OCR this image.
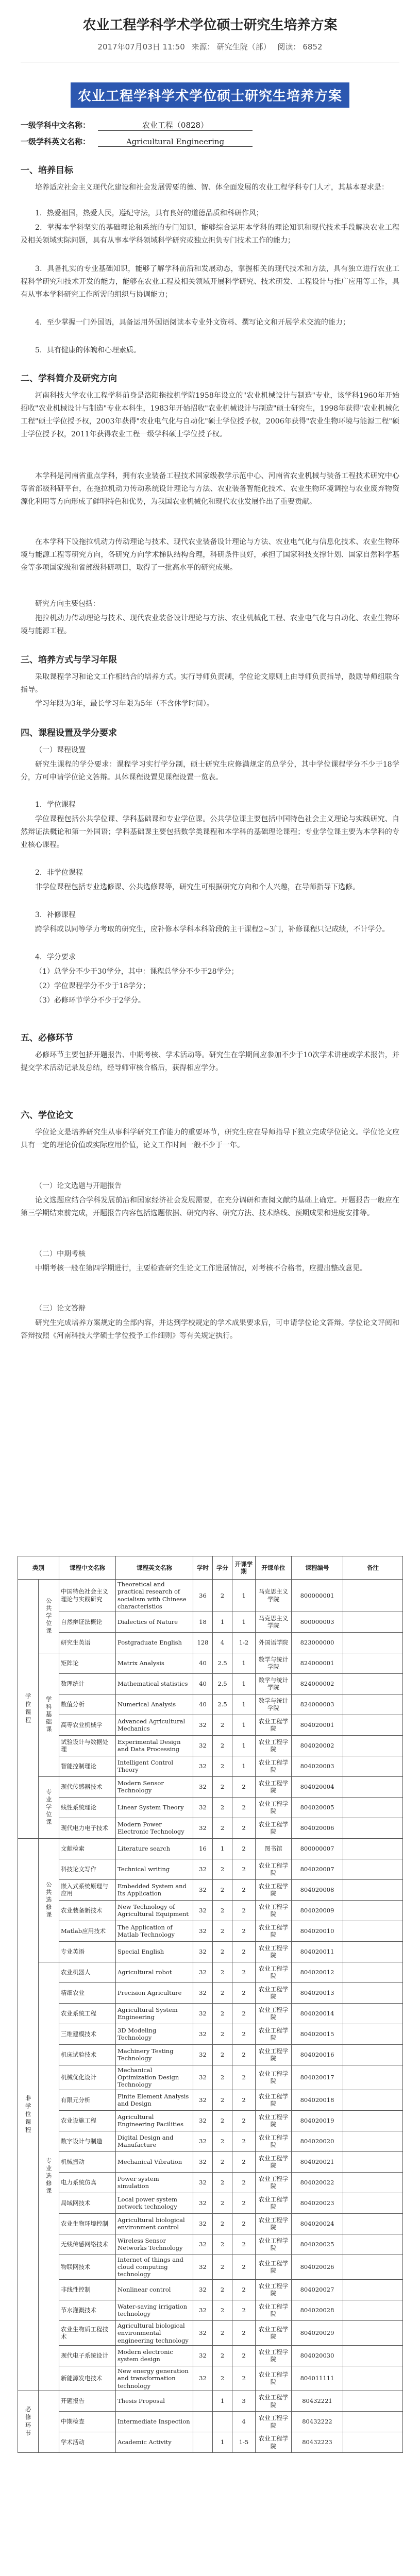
农业工程学科学术学位硕士研究生培养方案
2017年07月03日 11:50 来源： 研究生院（部） 阅读： 6852
农业工程学科学术学位硕士研究生培养方案
一级学科中文名称：	农业工程（0828）
一级学科英文名称：	Agricultural Engineering
一、培养目标
培养适应社会主义现代化建设和社会发展需要的德、智、体全面发展的农业工程学科专门人才，其基本要求是：
1．热爱祖国，热爱人民，遵纪守法，具有良好的道德品质和科研作风；
2．掌握本学科坚实的基础理论和系统的专门知识，能够综合运用本学科的理论知识和现代技术手段解决农业工程及相关领域实际问题，具有从事本学科领域科学研究或独立担负专门技术工作的能力；
3．具备扎实的专业基础知识，能够了解学科前沿和发展动态，掌握相关的现代技术和方法，具有独立进行农业工程科学研究和技术开发的能力，能够在农业工程及相关领域开展科学研究、技术研发、工程设计与推广应用等工作，具有从事本学科研究工作所需的组织与协调能力；
4．至少掌握一门外国语，具备运用外国语阅读本专业外文资料、撰写论文和开展学术交流的能力；
5．具有健康的体魄和心理素质。
二、学科简介及研究方向
河南科技大学农业工程学科前身是洛阳拖拉机学院1958年设立的"农业机械设计与制造"专业，该学科1960年开始招收"农业机械设计与制造"专业本科生，1983年开始招收"农业机械设计与制造"硕士研究生，1998年获得"农业机械化工程"硕士学位授予权，2003年获得"农业电气化与自动化"硕士学位授予权，2006年获得"农业生物环境与能源工程"硕士学位授予权，2011年获得农业工程一级学科硕士学位授予权。
本学科是河南省重点学科，拥有农业装备工程技术国家级教学示范中心、河南省农业机械与装备工程技术研究中心等省部级科研平台，在拖拉机动力传动系统设计理论与方法、农业装备智能化技术、农业生物环境调控与农业废弃物资源化利用等方向形成了鲜明特色和优势，为我国农业机械化和现代农业发展作出了重要贡献。
在本学科下设拖拉机动力传动理论与技术、现代农业装备设计理论与方法、农业电气化与信息化技术、农业生物环境与能源工程等研究方向，各研究方向学术梯队结构合理，科研条件良好，承担了国家科技支撑计划、国家自然科学基金等多项国家级和省部级科研项目，取得了一批高水平的研究成果。
研究方向主要包括：
拖拉机动力传动理论与技术、现代农业装备设计理论与方法、农业机械化工程、农业电气化与自动化、农业生物环境与能源工程。
三、培养方式与学习年限
采取课程学习和论文工作相结合的培养方式。实行导师负责制，学位论文原则上由导师负责指导，鼓励导师组联合指导。
学习年限为3年，最长学习年限为5年（不含休学时间）。
四、课程设置及学分要求
（一）课程设置
研究生课程的学分要求：课程学习实行学分制，硕士研究生应修满规定的总学分，其中学位课程学分不少于18学分，方可申请学位论文答辩。具体课程设置见课程设置一览表。
1．学位课程
学位课程包括公共学位课、学科基础课和专业学位课。公共学位课主要包括中国特色社会主义理论与实践研究、自然辩证法概论和第一外国语；学科基础课主要包括数学类课程和本学科的基础理论课程；专业学位课主要为本学科的专业核心课程。
2．非学位课程
非学位课程包括专业选修课、公共选修课等，研究生可根据研究方向和个人兴趣，在导师指导下选修。
3．补修课程
跨学科或以同等学力考取的研究生，应补修本学科本科阶段的主干课程2~3门，补修课程只记成绩，不计学分。
4．学分要求
（1）总学分不少于30学分，其中：课程总学分不少于28学分；
（2）学位课程学分不少于18学分；
（3）必修环节学分不少于2学分。
五、必修环节
必修环节主要包括开题报告、中期考核、学术活动等。研究生在学期间应参加不少于10次学术讲座或学术报告，并提交学术活动记录及总结，经导师审核合格后，获得相应学分。
六、学位论文
学位论文是培养研究生从事科学研究工作能力的重要环节，研究生应在导师指导下独立完成学位论文。学位论文应具有一定的理论价值或实际应用价值，论文工作时间一般不少于一年。
（一）论文选题与开题报告
论文选题应结合学科发展前沿和国家经济社会发展需要，在充分调研和查阅文献的基础上确定。开题报告一般应在第三学期结束前完成，开题报告内容包括选题依据、研究内容、研究方法、技术路线、预期成果和进度安排等。
（二）中期考核
中期考核一般在第四学期进行，主要检查研究生论文工作进展情况，对考核不合格者，应提出整改意见。
（三）论文答辩
研究生完成培养方案规定的全部内容，并达到学校规定的学术成果要求后，可申请学位论文答辩。学位论文评阅和答辩按照《河南科技大学硕士学位授予工作细则》等有关规定执行。
类别		课程中文名称	课程英文名称	学时	学分	开课学期	开课单位	课程编号	备注
学位课程	公共学位课	中国特色社会主义理论与实践研究	Theoretical and practical research of socialism with Chinese characteristics	36	2	1	马克思主义学院	800000001	
		自然辩证法概论	Dialectics of Nature	18	1	1	马克思主义学院	800000003	
		研究生英语	Postgraduate English	128	4	1-2	外国语学院	823000000	
	学科基础课	矩阵论	Matrix Analysis	40	2.5	1	数学与统计学院	824000001	
		数理统计	Mathematical statistics	40	2.5	1	数学与统计学院	824000002	
		数值分析	Numerical Analysis	40	2.5	1	数学与统计学院	824000003	
		高等农业机械学	Advanced Agricultural Mechanics	32	2	1	农业工程学院	804020001	
		试验设计与数据处理	Experimental Design and Data Processing	32	2	1	农业工程学院	804020002	
		智能控制理论	Intelligent Control Theory	32	2	1	农业工程学院	804020003	
	专业学位课	现代传感器技术	Modern Sensor Technology	32	2	2	农业工程学院	804020004	
		线性系统理论	Linear System Theory	32	2	2	农业工程学院	804020005	
		现代电力电子技术	Modern Power Electronic Technology	32	2	2	农业工程学院	804020006	
非学位课程	公共选修课	文献检索	Literature search	16	1	2	图书馆	800000007	
		科技论文写作	Technical writing	32	2	2	农业工程学院	804020007	
		嵌入式系统原理与应用	Embedded System and Its Application	32	2	2	农业工程学院	804020008	
		农业装备新技术	New Technology of Agricultural Equipment	32	2	2	农业工程学院	804020009	
		Matlab应用技术	The Application of Matlab Technology	32	2	2	农业工程学院	804020010	
		专业英语	Special English	32	2	2	农业工程学院	804020011	
	专业选修课	农业机器人	Agricultural robot	32	2	2	农业工程学院	804020012	
		精细农业	Precision Agriculture	32	2	2	农业工程学院	804020013	
		农业系统工程	Agricultural System Engineering	32	2	2	农业工程学院	804020014	
		三维建模技术	3D Modeling Technology	32	2	2	农业工程学院	804020015	
		机床试验技术	Machinery Testing Technology	32	2	2	农业工程学院	804020016	
		机械优化设计	Mechanical Optimization Design Technology	32	2	2	农业工程学院	804020017	
		有限元分析	Finite Element Analysis and Design	32	2	2	农业工程学院	804020018	
		农业设施工程	Agricultural Engineering Facilities	32	2	2	农业工程学院	804020019	
		数字设计与制造	Digital Design and Manufacture	32	2	2	农业工程学院	804020020	
		机械振动	Mechanical Vibration	32	2	2	农业工程学院	804020021	
		电力系统仿真	Power system simulation	32	2	2	农业工程学院	804020022	
		局域网技术	Local power system network technology	32	2	2	农业工程学院	804020023	
		农业生物环境控制	Agricultural biological environment control	32	2	2	农业工程学院	804020024	
		无线传感网络技术	Wireless Sensor Networks Technology	32	2	2	农业工程学院	804020025	
		物联网技术	Internet of things and cloud computing technology	32	2	2	农业工程学院	804020026	
		非线性控制	Nonlinear control	32	2	2	农业工程学院	804020027	
		节水灌溉技术	Water-saving irrigation technology	32	2	2	农业工程学院	804020028	
		农业生物质工程技术	Agricultural biological environmental engineering technology	32	2	2	农业工程学院	804020029	
		现代电子系统设计	Modern electronic system design	32	2	2	农业工程学院	804020030	
		新能源发电技术	New energy generation and transformation technology	32	2	2	农业工程学院	804011111	
必修环节		开题报告	Thesis Proposal		1	3	农业工程学院	80432221	
		中期检查	Intermediate Inspection			4	农业工程学院	80432222	
		学术活动	Academic Activity		1	1-5	农业工程学院	80432223	
